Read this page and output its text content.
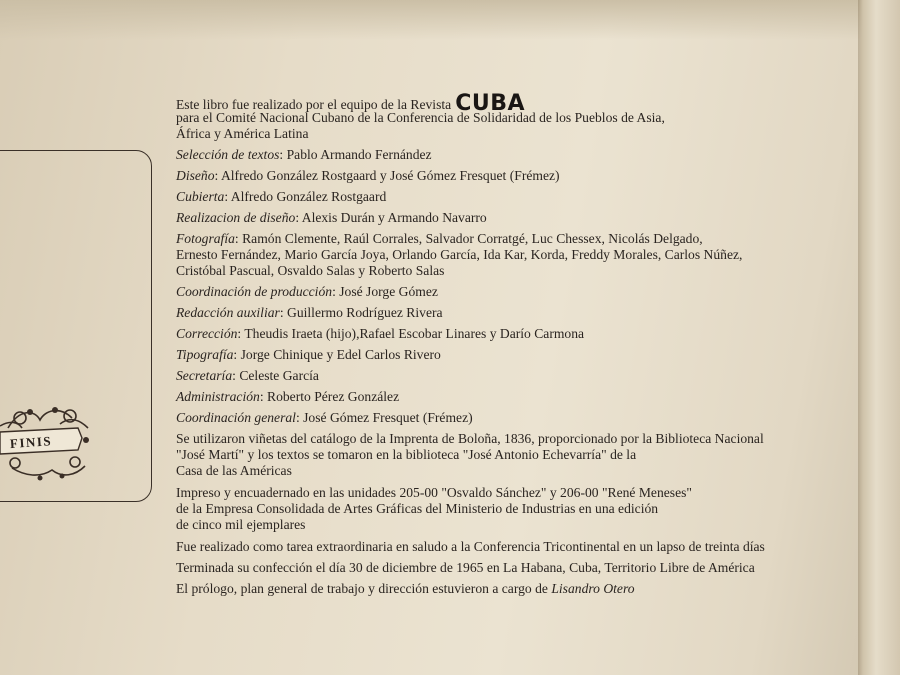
FINIS
Este libro fue realizado por el equipo de la Revista CUBA
para el Comité Nacional Cubano de la Conferencia de Solidaridad de los Pueblos de Asia,
África y América Latina
Selección de textos: Pablo Armando Fernández
Diseño: Alfredo González Rostgaard y José Gómez Fresquet (Frémez)
Cubierta: Alfredo González Rostgaard
Realizacion de diseño: Alexis Durán y Armando Navarro
Fotografía: Ramón Clemente, Raúl Corrales, Salvador Corratgé, Luc Chessex, Nicolás Delgado,
Ernesto Fernández, Mario García Joya, Orlando García, Ida Kar, Korda, Freddy Morales, Carlos Núñez,
Cristóbal Pascual, Osvaldo Salas y Roberto Salas
Coordinación de producción: José Jorge Gómez
Redacción auxiliar: Guillermo Rodríguez Rivera
Corrección: Theudis Iraeta (hijo),Rafael Escobar Linares y Darío Carmona
Tipografía: Jorge Chinique y Edel Carlos Rivero
Secretaría: Celeste García
Administración: Roberto Pérez González
Coordinación general: José Gómez Fresquet (Frémez)
Se utilizaron viñetas del catálogo de la Imprenta de Boloña, 1836, proporcionado por la Biblioteca Nacional
"José Martí" y los textos se tomaron en la biblioteca "José Antonio Echevarría" de la
Casa de las Américas
Impreso y encuadernado en las unidades 205-00 "Osvaldo Sánchez" y 206-00 "René Meneses"
de la Empresa Consolidada de Artes Gráficas del Ministerio de Industrias en una edición
de cinco mil ejemplares
Fue realizado como tarea extraordinaria en saludo a la Conferencia Tricontinental en un lapso de treinta días
Terminada su confección el día 30 de diciembre de 1965 en La Habana, Cuba, Territorio Libre de América
El prólogo, plan general de trabajo y dirección estuvieron a cargo de Lisandro Otero
